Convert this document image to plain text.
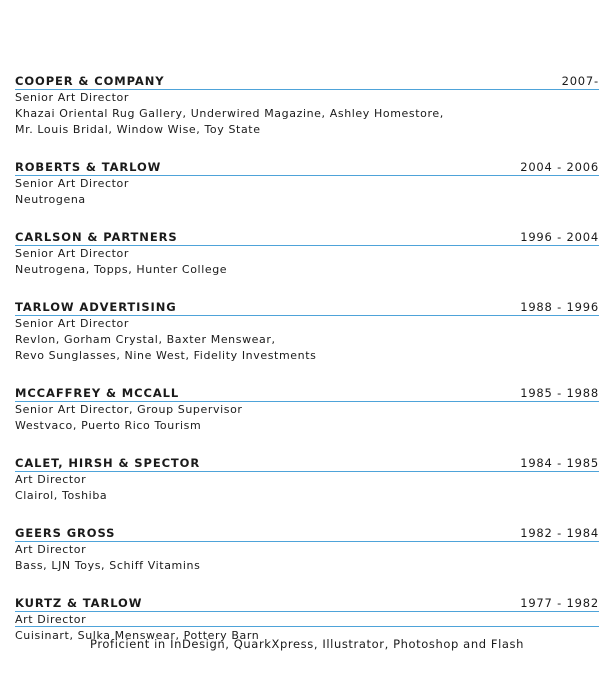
COOPER & COMPANY	2007-
Senior Art Director
Khazai Oriental Rug Gallery, Underwired Magazine, Ashley Homestore,
Mr. Louis Bridal, Window Wise, Toy State
ROBERTS & TARLOW	2004 - 2006
Senior Art Director
Neutrogena
CARLSON & PARTNERS	1996 - 2004
Senior Art Director
Neutrogena, Topps, Hunter College
TARLOW ADVERTISING	1988 - 1996
Senior Art Director
Revlon, Gorham Crystal, Baxter Menswear,
Revo Sunglasses, Nine West, Fidelity Investments
MCCAFFREY & MCCALL	1985 - 1988
Senior Art Director, Group Supervisor
Westvaco, Puerto Rico Tourism
CALET, HIRSH & SPECTOR	1984 - 1985
Art Director
Clairol, Toshiba
GEERS GROSS	1982 - 1984
Art Director
Bass, LJN Toys, Schiff Vitamins
KURTZ & TARLOW	1977 - 1982
Art Director
Cuisinart, Sulka Menswear, Pottery Barn
Proficient in InDesign, QuarkXpress, Illustrator, Photoshop and Flash
